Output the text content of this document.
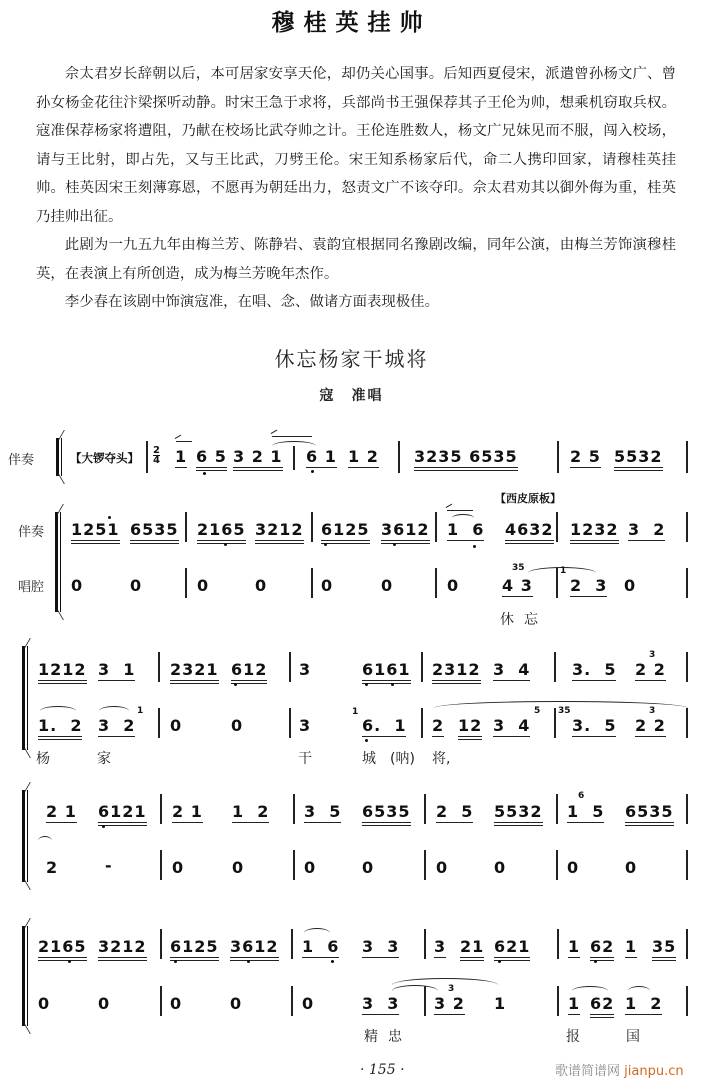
穆桂英挂帅

佘太君岁长辞朝以后，本可居家安享天伦，却仍关心国事。后知西夏侵宋，派遣曾孙杨文广、曾孙女杨金花往汴梁探听动静。时宋王急于求将，兵部尚书王强保荐其子王伦为帅，想乘机窃取兵权。寇准保荐杨家将遭阻，乃献在校场比武夺帅之计。王伦连胜数人，杨文广兄妹见而不服，闯入校场，请与王比射，即占先，又与王比武，刀劈王伦。宋王知系杨家后代，命二人携印回家，请穆桂英挂帅。桂英因宋王刻薄寡恩，不愿再为朝廷出力，怒责文广不该夺印。佘太君劝其以御外侮为重，桂英乃挂帅出征。

此剧为一九五九年由梅兰芳、陈静岩、袁韵宜根据同名豫剧改编，同年公演，由梅兰芳饰演穆桂英，在表演上有所创造，成为梅兰芳晚年杰作。

李少春在该剧中饰演寇准，在唱、念、做诸方面表现极佳。

休忘杨家干城将
寇　准唱
伴奏	【大锣夺头】
2
4 1 6 5 3 2 1 6 1 1 2 3235 6535	2 5 5532
【西皮原板】
伴奏
唱腔
1251 6535 2165 3212 6125 3612 1  6 4632 1232 3  2
0	0	0	0	0	0	0	4 3
35	1
2  3 0
休 忘
1212 3  1 2321 612 3	6161 2312 3  4	3.  5 2 2
3
1.  2 3  2
1
0	0	3
1
6.  1 2 12 3  4
5 35
3.  5 2 2
3
杨	家	干	城 (呐) 将,
2 1 6121 2 1 1  2 3  5 6535 2  5 5532 1  5
6
6535
2	-	0	0	0	0	0	0	0	0
2165 3212 6125 3612 1  6 3  3 3 21 621 1 62 1 35
0	0	0	0	0	3  3 3 2
3
1	1 62 1  2
精 忠	报	国
· 155 ·	歌谱简谱网 jianpu.cn
